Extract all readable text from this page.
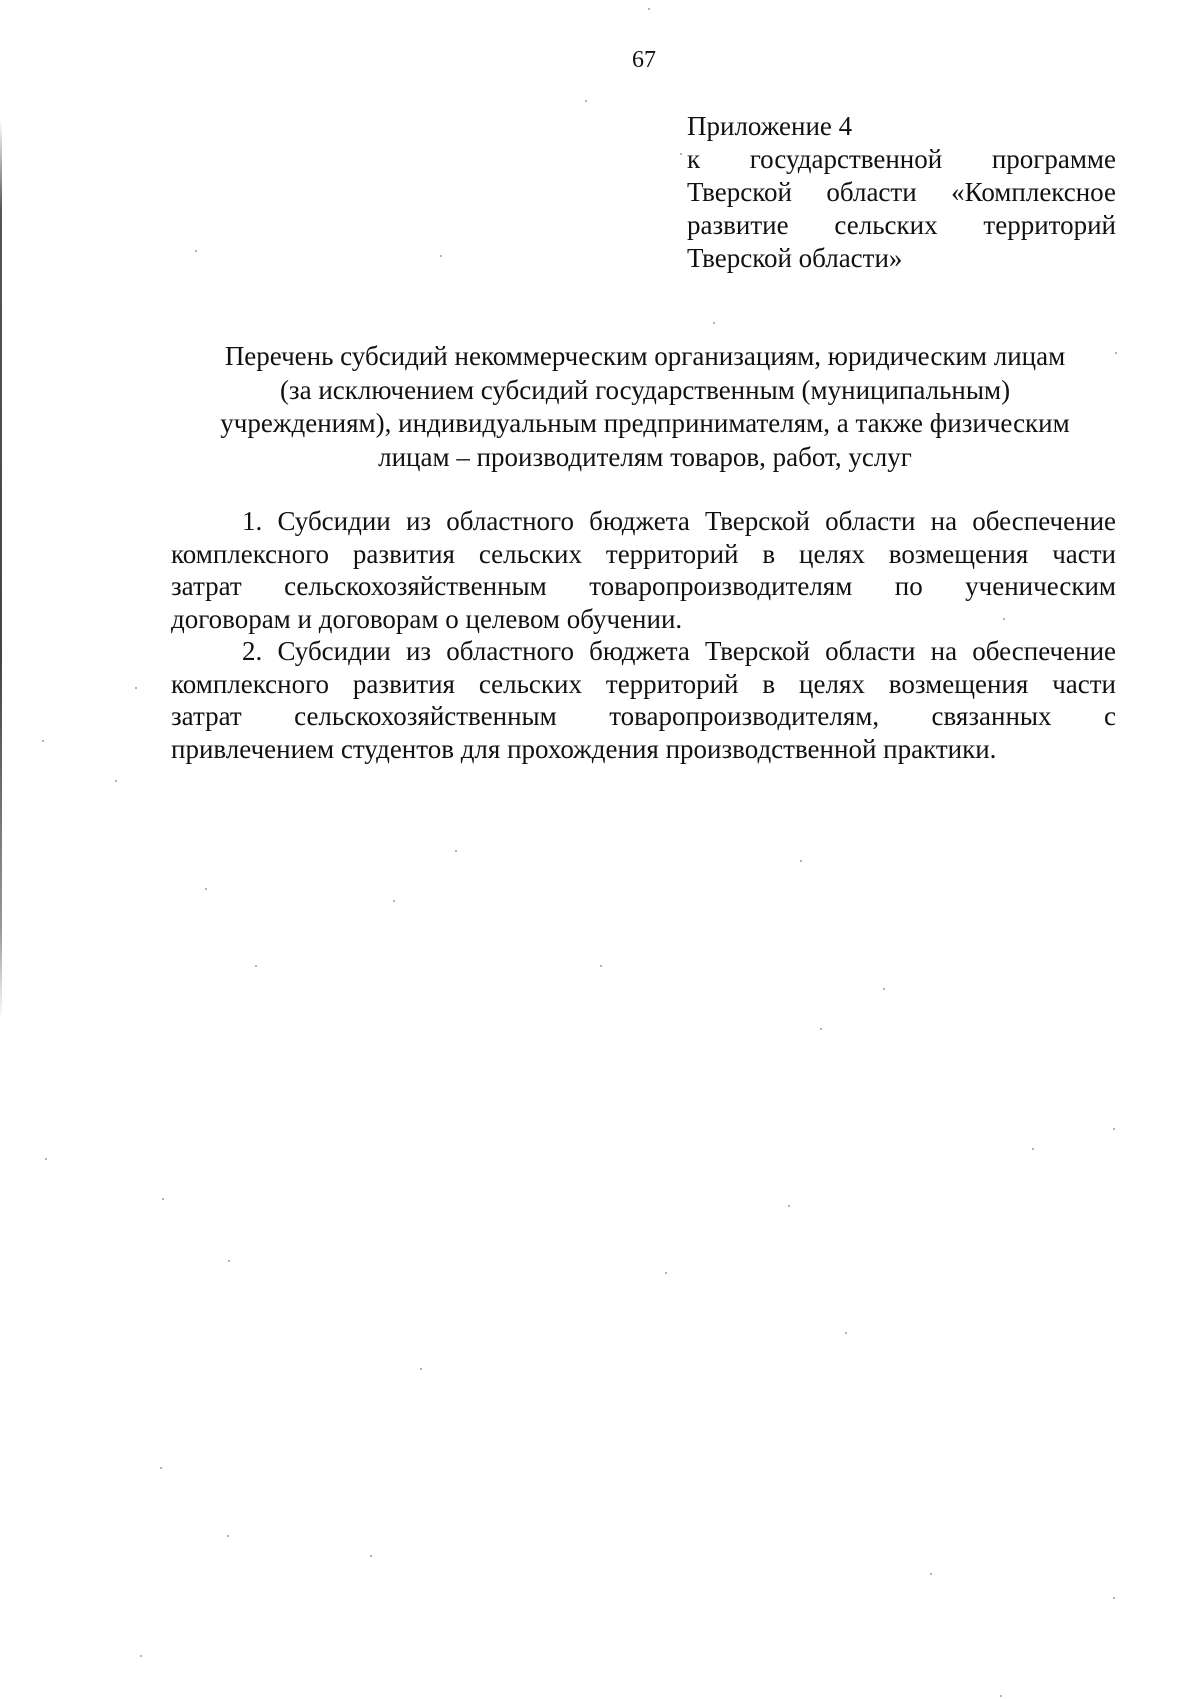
67
Приложение 4
к государственной программе
Тверской области «Комплексное
развитие сельских территорий
Тверской области»
Перечень субсидий некоммерческим организациям, юридическим лицам
(за исключением субсидий государственным (муниципальным)
учреждениям), индивидуальным предпринимателям, а также физическим
лицам – производителям товаров, работ, услуг
1. Субсидии из областного бюджета Тверской области на обеспечение
комплексного развития сельских территорий в целях возмещения части
затрат сельскохозяйственным товаропроизводителям по ученическим
договорам и договорам о целевом обучении.
2. Субсидии из областного бюджета Тверской области на обеспечение
комплексного развития сельских территорий в целях возмещения части
затрат сельскохозяйственным товаропроизводителям, связанных с
привлечением студентов для прохождения производственной практики.
